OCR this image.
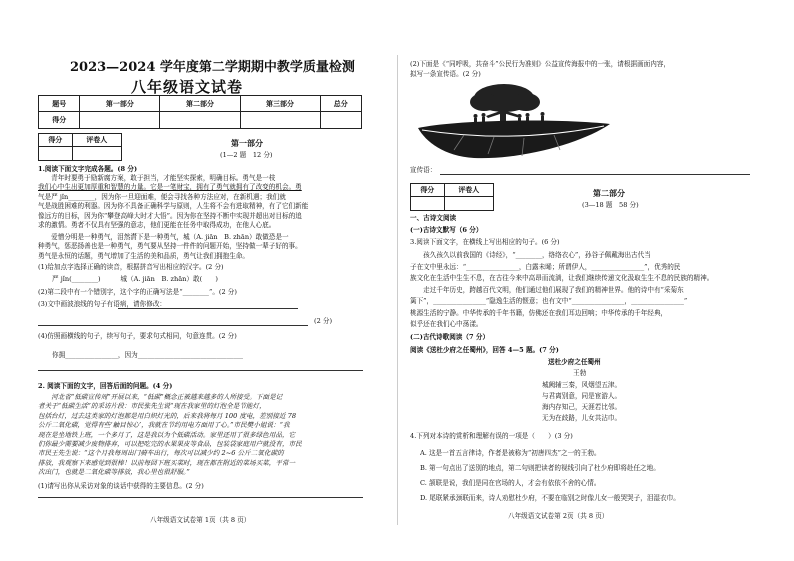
2023—2024 学年度第二学期期中教学质量检测
八年级语文试卷
题号	第一部分	第二部分	第三部分	总分
得分				
得分	评卷人
		第一部分
(1—2 题　12 分)
1.阅读下面文字完成各题。(8 分)
　　青年时要勇于励新腐方案，敢于担当，才能坚实探索，明确目标。勇气是一枝
我们心中生出更加厚重和智慧的力量。它是一笔财宝，拥有了勇气就拥有了改变的机会。勇
气是严 jǐn________，因为你一旦迎面难，便会寻找各种方法应对，在新机遇；我们就
气是战胜困难的利器。因为你不具备正确科学与原则，人生将不会有进取精神，有了它们新能
像远方的目标，因为你“攀登高峰大时才大悟”。因为你在坚持不断中实现并超出对目标的追
求的激情。勇者不仅具有坚强的意志，他们更能在任务中取得成功，在他人心底。
　　爱憎分明是一种勇气，泪然潸下是一种勇气，城（A. jiān　B. zhān）敢做恐是一
种勇气，惩恶扬善也是一种勇气，勇气要从坚持一件件的问题开始，坚持做一辈子好的事。
勇气是永恒的话题，勇气增加了生活的美和品质，勇气让我们拥抱生命。
(1)给加点字选择正确的读音，根据拼音写出相应的汉字。(2 分)
严 jǐn(________)　　　城（A. jiān　B. zhān）敢(　　)
(2)第二段中有一个错别字，这个字的正确写法是“________”。(2 分)
(3)文中画波浪线的句子有语病，请你修改：
(2 分)
(4)仿照画横线的句子，续写句子，要求句式相同，句意连贯。(2 分)
你拥________________，因为________________________________
2. 阅读下面的文字，回答后面的问题。(4 分)
　　河北省“低碳宣传周”开展以来，“低碳”概念正被越来越多的人所接受。下面是记
者关于“低碳生活”的采访片段：市民张先生说“现在我家里的灯泡全是节能灯，
包括台灯，过去这类家的灯泡都是用白炽灯光的，后来我将每月 100 度电，差别接近 78
公斤二氧化碳，觉得有些‘触目惊心’，我就在节约用电方面用了心。”市民樊小姐说：“我
现在是坐地铁上班，一个多月了，这是我以为个低碳活动。家里还用了很多绿色用品，它
们你最少需要减少废物排弃，可以把吃完的水果果皮等食品，包装袋家庭用户就没有，市民
市民王先生说：“这个月我每周出门骑车出行，每次可以减少约 2~6 公斤二氧化碳的
排放，我观察下来感觉到很棒！以前每回下班买菜时，现在都在附近的菜场买菜，平常一
次出门，也就是二氧化碳等排放，我心里也很舒服。”
(1)请写出你从采访对象的谈话中获得的主要信息。(2 分)
八年级语文试卷第 1页（共 8 页）
(2)下面是《“同呼吸，共奋斗”公民行为准则》公益宣传海报中的一张，请根据画面内容，
拟写一条宣传语。(2 分)
宣传语：
得分	评卷人
		第二部分
(3—18 题　58 分)
一、古诗文阅读
(一)古诗文默写（6 分）
3.阅读下面文字，在横线上写出相应的句子。(6 分)
　　孩久孩久以前我国的《诗经》，“________，络络衣心”，孙谷子佩戴海出古代当
子在文中里永远：“________________，白露未晞；所谓伊人，________________”，优秀的民
族文化在生活中生生不息，在古往今来中高昂而流淌，让我们继续传递文化汲取生生不息的民族的精神。
　　走过千年历史，跨越百代文明，他们通过他们展现了我们的精神世界。他的诗中有“采菊东
篱下”，________________”隐逸生活的惬意；也有文中“________________，________________”
桃源生活的宁静。中华传承的千年书籍，仿佛还在我们耳边回响；中华传承的千年经典，
似乎还在我们心中荡漾。
(二)古代诗歌阅读（7 分）
阅读《送杜少府之任蜀州》，回答 4—5 题。(7 分)
送杜少府之任蜀州
王勃
城阙辅三秦，风烟望五津。
与君离别意，同是宦游人。
海内存知己，天涯若比邻。
无为在歧路，儿女共沾巾。
4.下列对本诗的赏析和理解有误的一项是（　　）(3 分)
A. 这是一首五言律诗，作者是被称为“初唐四杰”之一的王勃。
B. 第一句点出了送别的地点，第二句则把读者的视线引向了杜少府即将赴任之地。
C. 颔联是说，我们是同在官场的人，才会有依依不舍的心情。
D. 尾联紧承颈联而来，诗人劝慰杜少府，不要在临别之时像儿女一般哭哭子，泪湿衣巾。
八年级语文试卷第 2页（共 8 页）
